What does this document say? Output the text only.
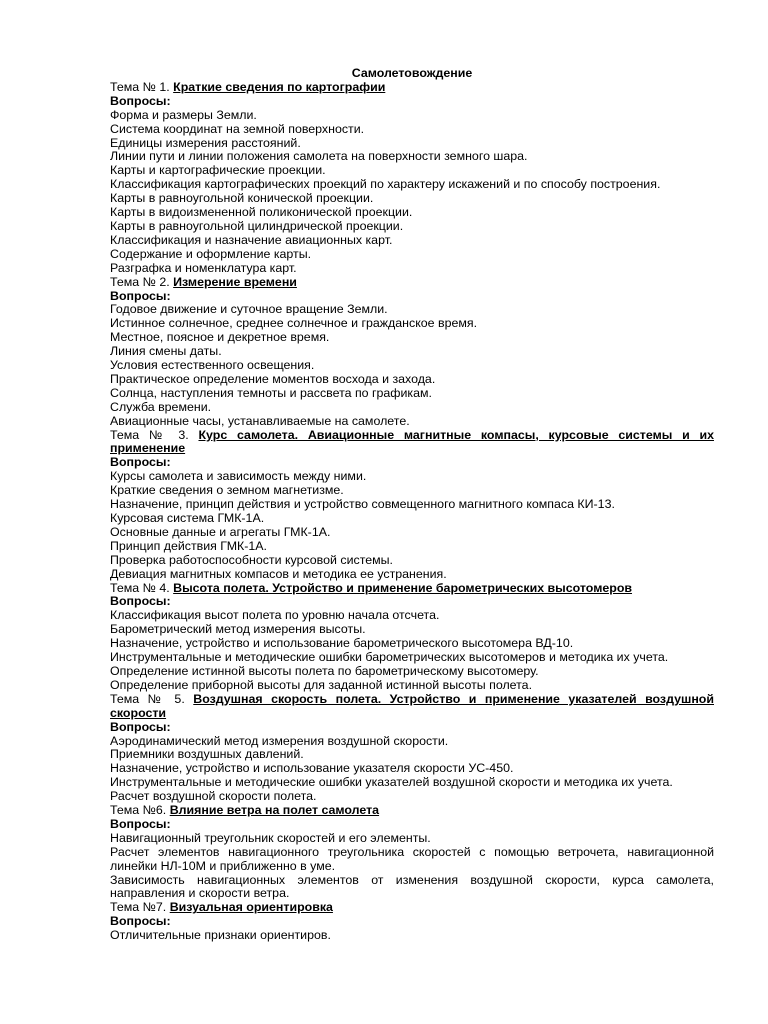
Самолетовождение
Тема № 1. Краткие сведения по картографии
Вопросы:
Форма и размеры Земли.
Система координат на земной поверхности.
Единицы измерения расстояний.
Линии пути и линии положения самолета на поверхности земного шара.
Карты и картографические проекции.
Классификация картографических проекций по характеру искажений и по способу построения.
Карты в равноугольной конической проекции.
Карты в видоизмененной поликонической проекции.
Карты в равноугольной цилиндрической проекции.
Классификация и назначение авиационных карт.
Содержание и оформление карты.
Разграфка и номенклатура карт.
Тема № 2. Измерение времени
Вопросы:
Годовое движение и суточное вращение Земли.
Истинное солнечное, среднее солнечное и гражданское время.
Местное, поясное и декретное время.
Линия смены даты.
Условия естественного освещения.
Практическое определение моментов восхода и захода.
Солнца, наступления темноты и рассвета по графикам.
Служба времени.
Авиационные часы, устанавливаемые на самолете.
Тема № 3. Курс самолета. Авиационные магнитные компасы, курсовые системы и их применение
Вопросы:
Курсы самолета и зависимость между ними.
Краткие сведения о земном магнетизме.
Назначение, принцип действия и устройство совмещенного магнитного компаса КИ-13.
Курсовая система ГМК-1А.
Основные данные и агрегаты ГМК-1А.
Принцип действия ГМК-1А.
Проверка работоспособности курсовой системы.
Девиация магнитных компасов и методика ее устранения.
Тема № 4. Высота полета. Устройство и применение барометрических высотомеров
Вопросы:
Классификация высот полета по уровню начала отсчета.
Барометрический метод измерения высоты.
Назначение, устройство и использование барометрического высотомера ВД-10.
Инструментальные и методические ошибки барометрических высотомеров и методика их учета.
Определение истинной высоты полета по барометрическому высотомеру.
Определение приборной высоты для заданной истинной высоты полета.
Тема № 5. Воздушная скорость полета. Устройство и применение указателей воздушной скорости
Вопросы:
Аэродинамический метод измерения воздушной скорости.
Приемники воздушных давлений.
Назначение, устройство и использование указателя скорости УС-450.
Инструментальные и методические ошибки указателей воздушной скорости и методика их учета.
Расчет воздушной скорости полета.
Тема №6. Влияние ветра на полет самолета
Вопросы:
Навигационный треугольник скоростей и его элементы.
Расчет элементов навигационного треугольника скоростей с помощью ветрочета, навигационной линейки НЛ-10М и приближенно в уме.
Зависимость навигационных элементов от изменения воздушной скорости, курса самолета, направления и скорости ветра.
Тема №7. Визуальная ориентировка
Вопросы:
Отличительные признаки ориентиров.
